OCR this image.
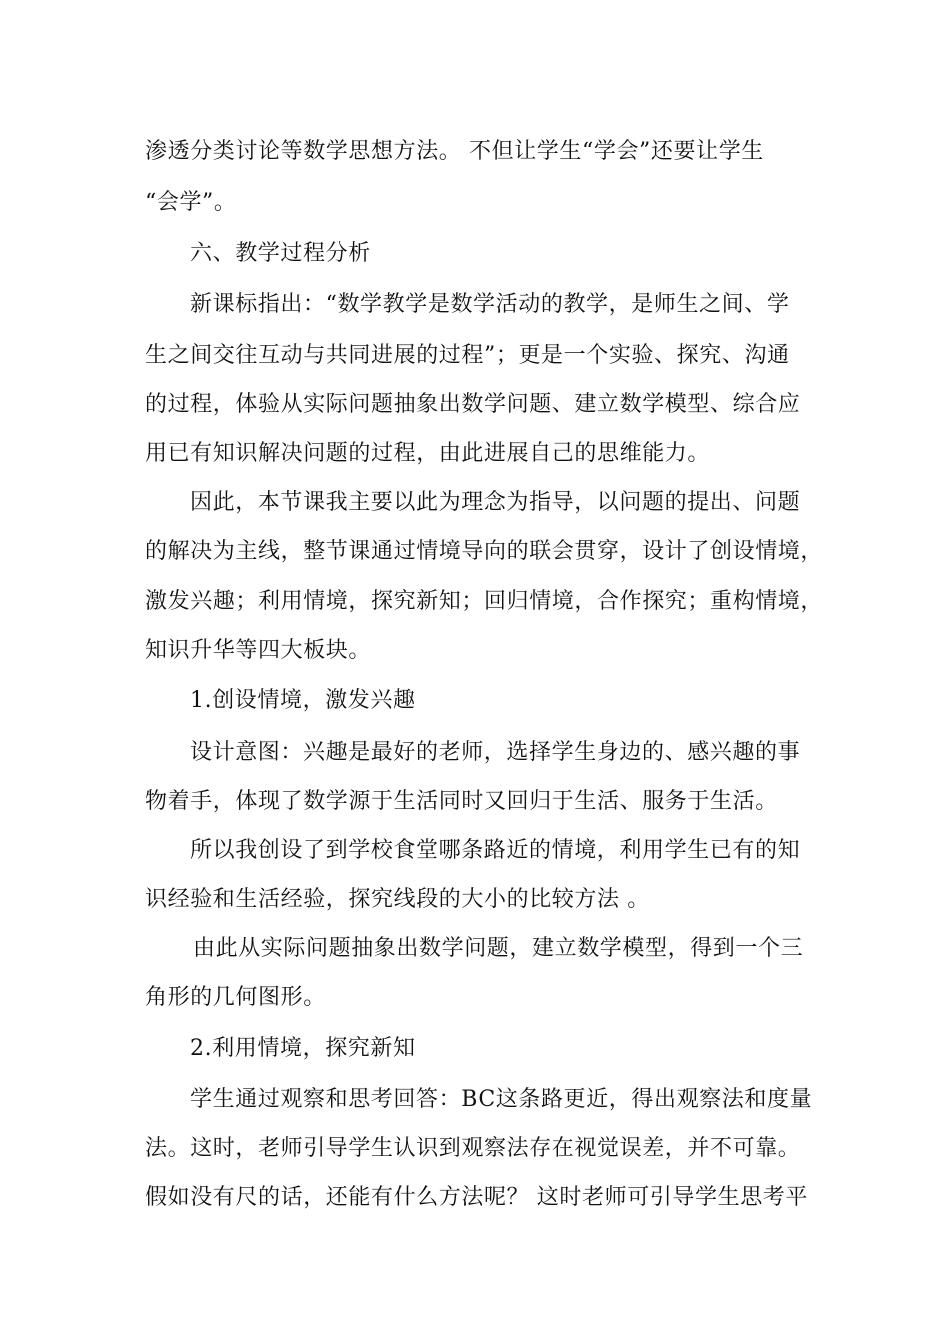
渗透分类讨论等数学思想方法。 不但让学生“学会”还要让学生
“会学”。
六、教学过程分析
新课标指出：“数学教学是数学活动的教学，是师生之间、学
生之间交往互动与共同进展的过程”；更是一个实验、探究、沟通
的过程，体验从实际问题抽象出数学问题、建立数学模型、综合应
用已有知识解决问题的过程，由此进展自己的思维能力。
因此，本节课我主要以此为理念为指导，以问题的提出、问题
的解决为主线，整节课通过情境导向的联会贯穿，设计了创设情境，
激发兴趣；利用情境，探究新知；回归情境，合作探究；重构情境，
知识升华等四大板块。
1.创设情境，激发兴趣
设计意图：兴趣是最好的老师，选择学生身边的、感兴趣的事
物着手，体现了数学源于生活同时又回归于生活、服务于生活。
所以我创设了到学校食堂哪条路近的情境，利用学生已有的知
识经验和生活经验，探究线段的大小的比较方法 。
由此从实际问题抽象出数学问题，建立数学模型，得到一个三
角形的几何图形。
2.利用情境，探究新知
学生通过观察和思考回答：BC这条路更近，得出观察法和度量
法。这时，老师引导学生认识到观察法存在视觉误差，并不可靠。
假如没有尺的话，还能有什么方法呢？ 这时老师可引导学生思考平
